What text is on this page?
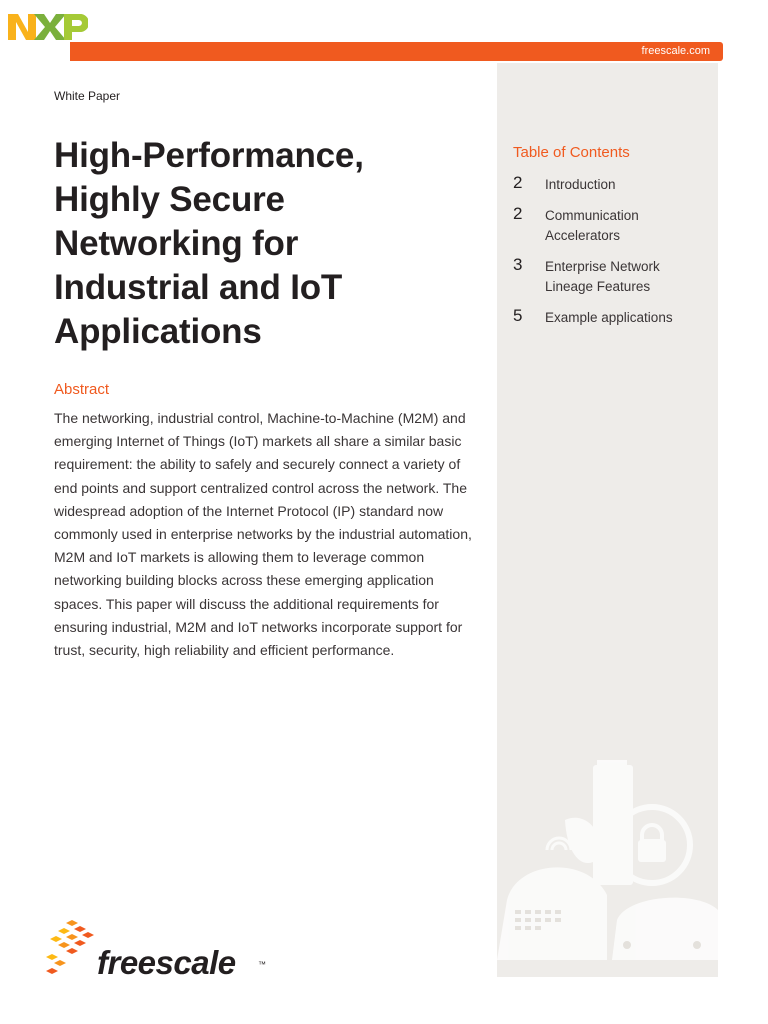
freescale.com
White Paper
High-Performance,
Highly Secure
Networking for
Industrial and IoT
Applications
Abstract

The networking, industrial control, Machine-to-Machine (M2M) and emerging Internet of Things (IoT) markets all share a similar basic requirement: the ability to safely and securely connect a variety of end points and support centralized control across the network. The widespread adoption of the Internet Protocol (IP) standard now commonly used in enterprise networks by the industrial automation, M2M and IoT markets is allowing them to leverage common networking building blocks across these emerging application spaces. This paper will discuss the additional requirements for ensuring industrial, M2M and IoT networks incorporate support for trust, security, high reliability and efficient performance.

Table of Contents
2 Introduction
2 Communication Accelerators
3 Enterprise Network Lineage Features
5 Example applications
freescale	™
